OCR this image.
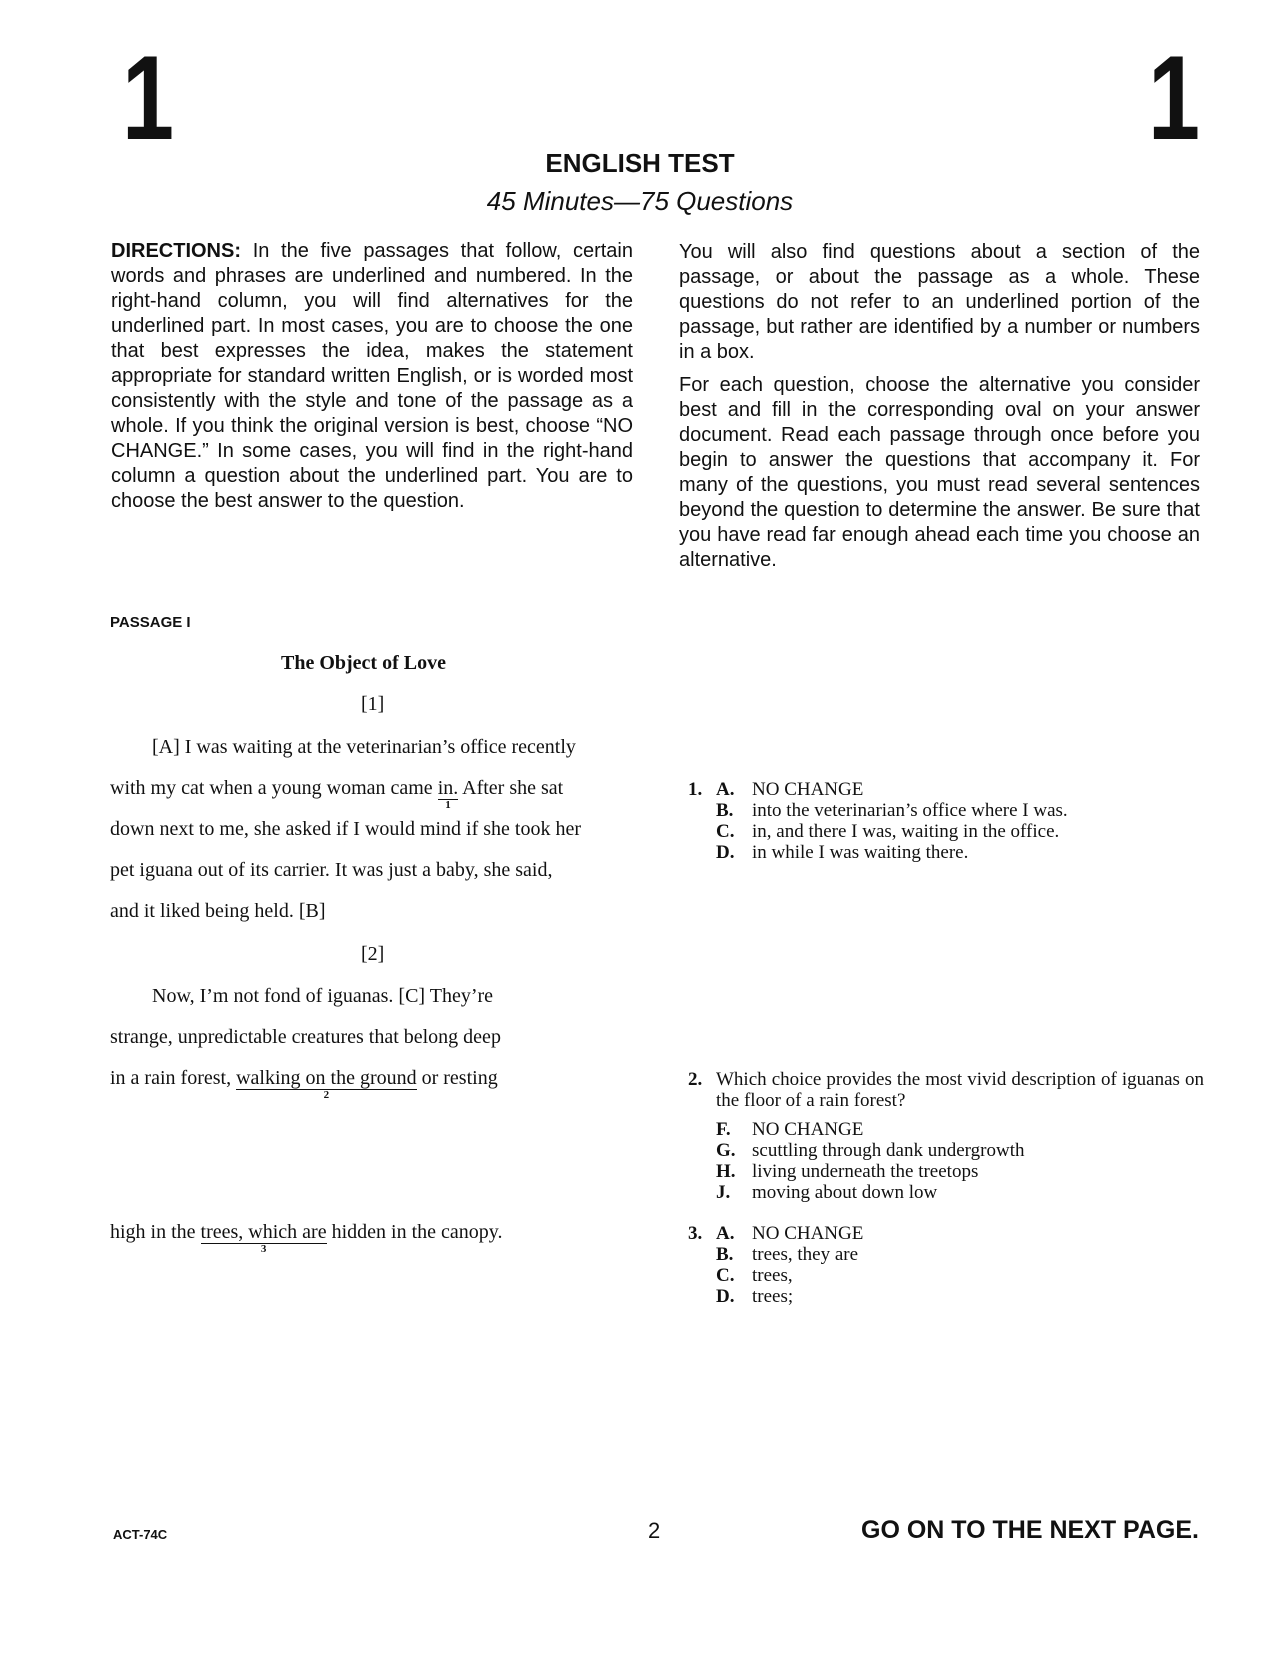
1	1
ENGLISH TEST
45 Minutes—75 Questions
DIRECTIONS: In the five passages that follow, certain words and phrases are underlined and numbered. In the right-hand column, you will find alternatives for the underlined part. In most cases, you are to choose the one that best expresses the idea, makes the statement appropriate for standard written English, or is worded most consistently with the style and tone of the passage as a whole. If you think the original version is best, choose “NO CHANGE.” In some cases, you will find in the right-hand column a question about the underlined part. You are to choose the best answer to the question.

You will also find questions about a section of the passage, or about the passage as a whole. These questions do not refer to an underlined portion of the passage, but rather are identified by a number or numbers in a box.

For each question, choose the alternative you consider best and fill in the corresponding oval on your answer document. Read each passage through once before you begin to answer the questions that accompany it. For many of the questions, you must read several sentences beyond the question to determine the answer. Be sure that you have read far enough ahead each time you choose an alternative.

PASSAGE I
The Object of Love
[1]
[2]
[A] I was waiting at the veterinarian’s office recently
with my cat when a young woman came in.
1
After she sat
down next to me, she asked if I would mind if she took her
pet iguana out of its carrier. It was just a baby, she said,
and it liked being held. [B]
Now, I’m not fond of iguanas. [C] They’re
strange, unpredictable creatures that belong deep
in a rain forest, walking on the ground
2
or resting
high in the trees, which are
3
hidden in the canopy.
1. A. NO CHANGE
B. into the veterinarian’s office where I was.
C. in, and there I was, waiting in the office.
D. in while I was waiting there.
2. Which choice provides the most vivid description of iguanas on the floor of a rain forest?
F. NO CHANGE
G. scuttling through dank undergrowth
H. living underneath the treetops
J. moving about down low
3. A. NO CHANGE
B. trees, they are
C. trees,
D. trees;
ACT-74C	2	GO ON TO THE NEXT PAGE.
